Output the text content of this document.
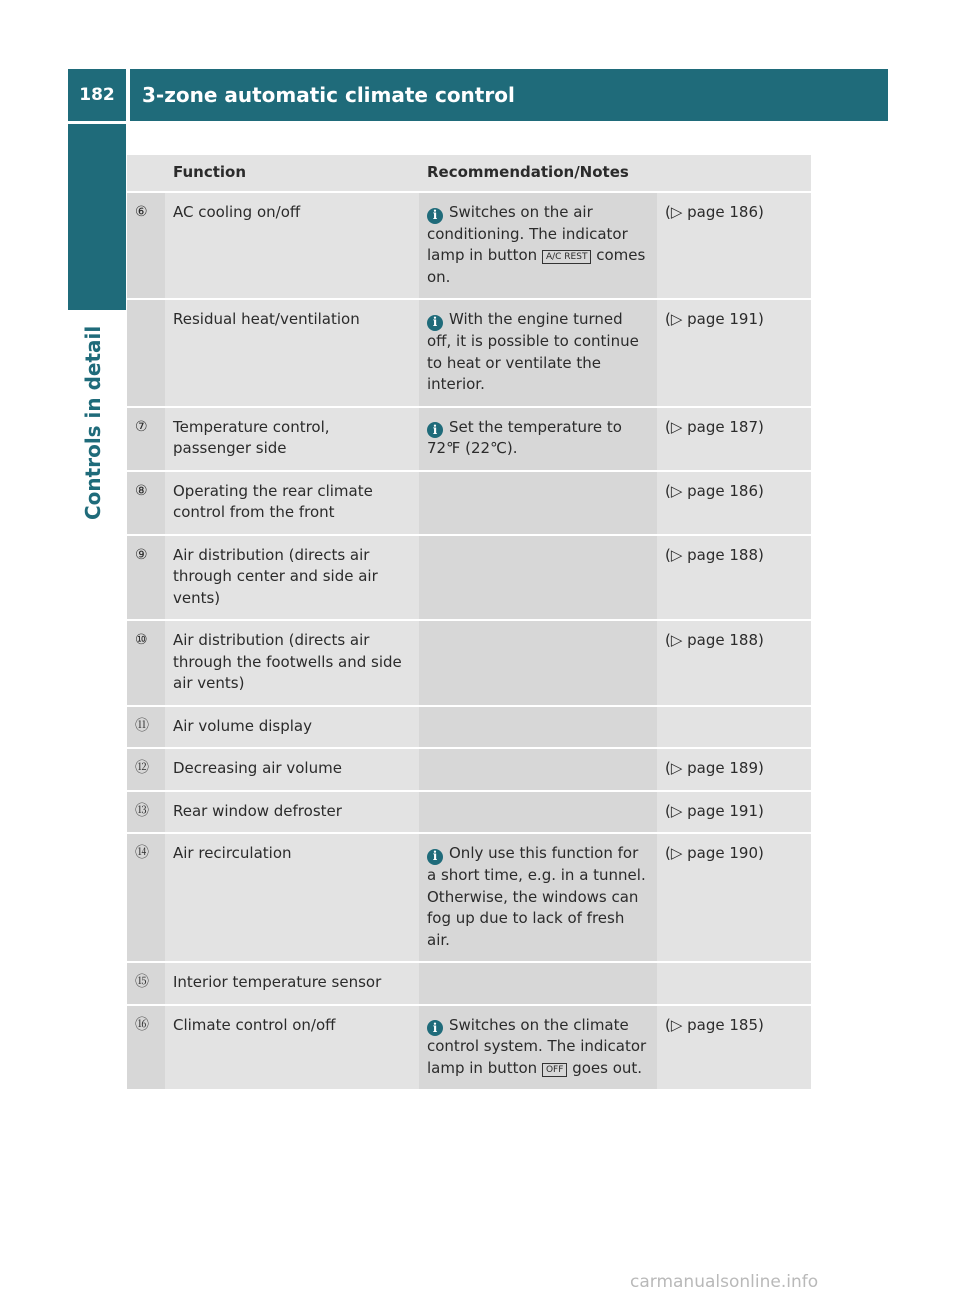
182	3-zone automatic climate control
Controls in detail
	Function	Recommendation/Notes	
⑥	AC cooling on/off	i Switches on the air conditioning. The indicator lamp in button A/C REST comes on.	(▷ page 186)
	Residual heat/ventilation	i With the engine turned off, it is possible to continue to heat or ventilate the interior.	(▷ page 191)
⑦	Temperature control, passenger side	i Set the temperature to 72℉ (22℃).	(▷ page 187)
⑧	Operating the rear climate control from the front		(▷ page 186)
⑨	Air distribution (directs air through center and side air vents)		(▷ page 188)
⑩	Air distribution (directs air through the footwells and side air vents)		(▷ page 188)
⑪	Air volume display		
⑫	Decreasing air volume		(▷ page 189)
⑬	Rear window defroster		(▷ page 191)
⑭	Air recirculation	i Only use this function for a short time, e.g. in a tunnel. Otherwise, the windows can fog up due to lack of fresh air.	(▷ page 190)
⑮	Interior temperature sensor		
⑯	Climate control on/off	i Switches on the climate control system. The indicator lamp in button OFF goes out.	(▷ page 185)
carmanualsonline.info
